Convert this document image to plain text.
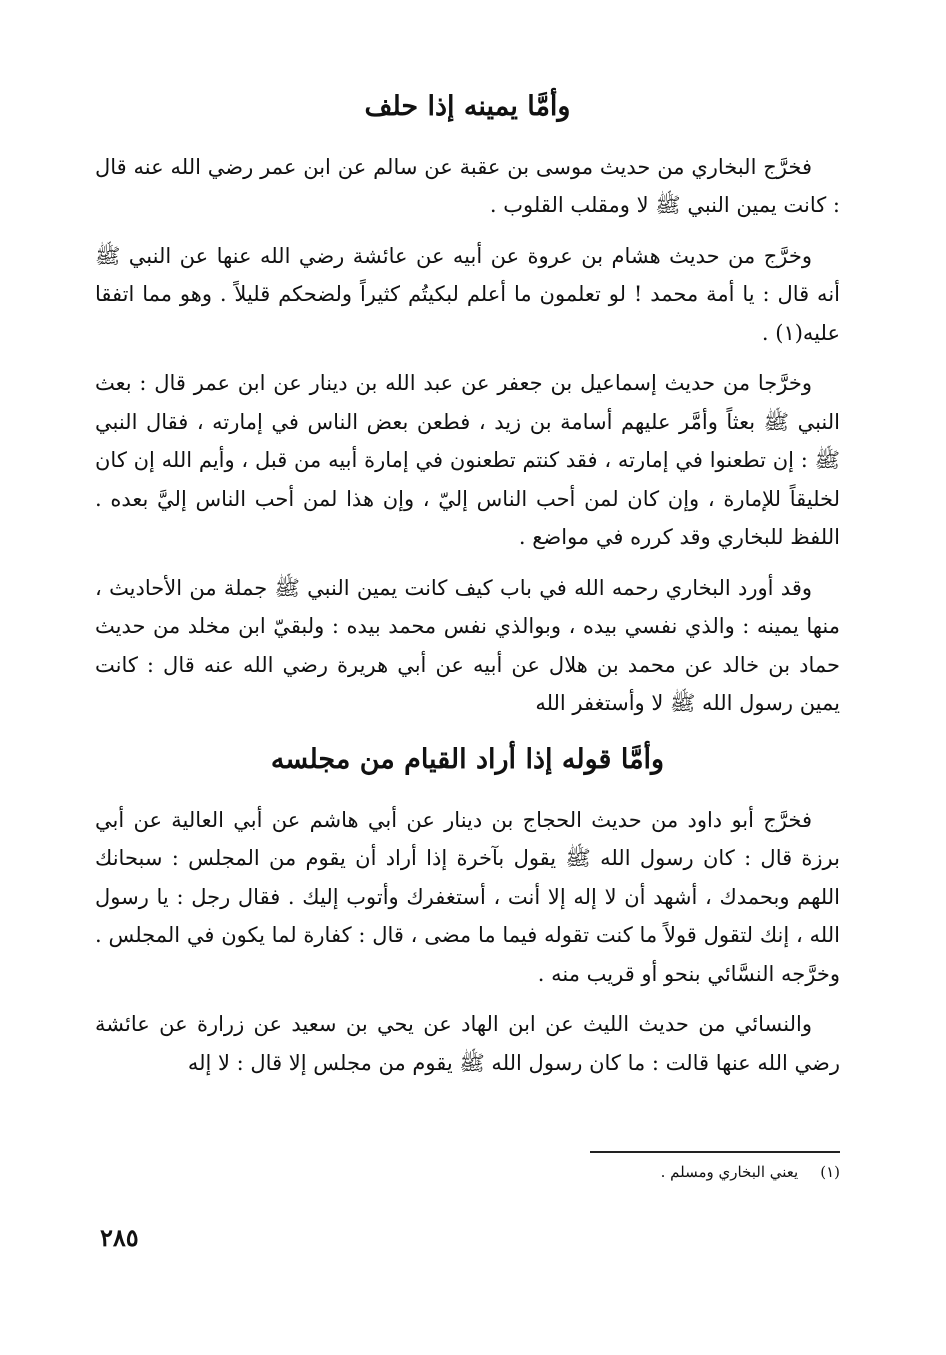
وأمَّا يمينه إذا حلف

فخرَّج البخاري من حديث موسى بن عقبة عن سالم عن ابن عمر رضي الله عنه قال : كانت يمين النبي ﷺ لا ومقلب القلوب .

وخرَّج من حديث هشام بن عروة عن أبيه عن عائشة رضي الله عنها عن النبي ﷺ أنه قال : يا أمة محمد ! لو تعلمون ما أعلم لبكيتُم كثيراً ولضحكم قليلاً . وهو مما اتفقا عليه(١) .

وخرَّجا من حديث إسماعيل بن جعفر عن عبد الله بن دينار عن ابن عمر قال : بعث النبي ﷺ بعثاً وأمَّر عليهم أسامة بن زيد ، فطعن بعض الناس في إمارته ، فقال النبي ﷺ : إن تطعنوا في إمارته ، فقد كنتم تطعنون في إمارة أبيه من قبل ، وأيم الله إن كان لخليقاً للإمارة ، وإن كان لمن أحب الناس إليّ ، وإن هذا لمن أحب الناس إليَّ بعده . اللفظ للبخاري وقد كرره في مواضع .

وقد أورد البخاري رحمه الله في باب كيف كانت يمين النبي ﷺ جملة من الأحاديث ، منها يمينه : والذي نفسي بيده ، وبوالذي نفس محمد بيده : ولبقيّ ابن مخلد من حديث حماد بن خالد عن محمد بن هلال عن أبيه عن أبي هريرة رضي الله عنه قال : كانت يمين رسول الله ﷺ لا وأستغفر الله

وأمَّا قوله إذا أراد القيام من مجلسه

فخرَّج أبو داود من حديث الحجاج بن دينار عن أبي هاشم عن أبي العالية عن أبي برزة قال : كان رسول الله ﷺ يقول بآخرة إذا أراد أن يقوم من المجلس : سبحانك اللهم وبحمدك ، أشهد أن لا إله إلا أنت ، أستغفرك وأتوب إليك . فقال رجل : يا رسول الله ، إنك لتقول قولاً ما كنت تقوله فيما ما مضى ، قال : كفارة لما يكون في المجلس . وخرَّجه النسَّائي بنحو أو قريب منه .

والنسائي من حديث الليث عن ابن الهاد عن يحي بن سعيد عن زرارة عن عائشة رضي الله عنها قالت : ما كان رسول الله ﷺ يقوم من مجلس إلا قال : لا إله

(١)
يعني البخاري ومسلم .
٢٨٥
